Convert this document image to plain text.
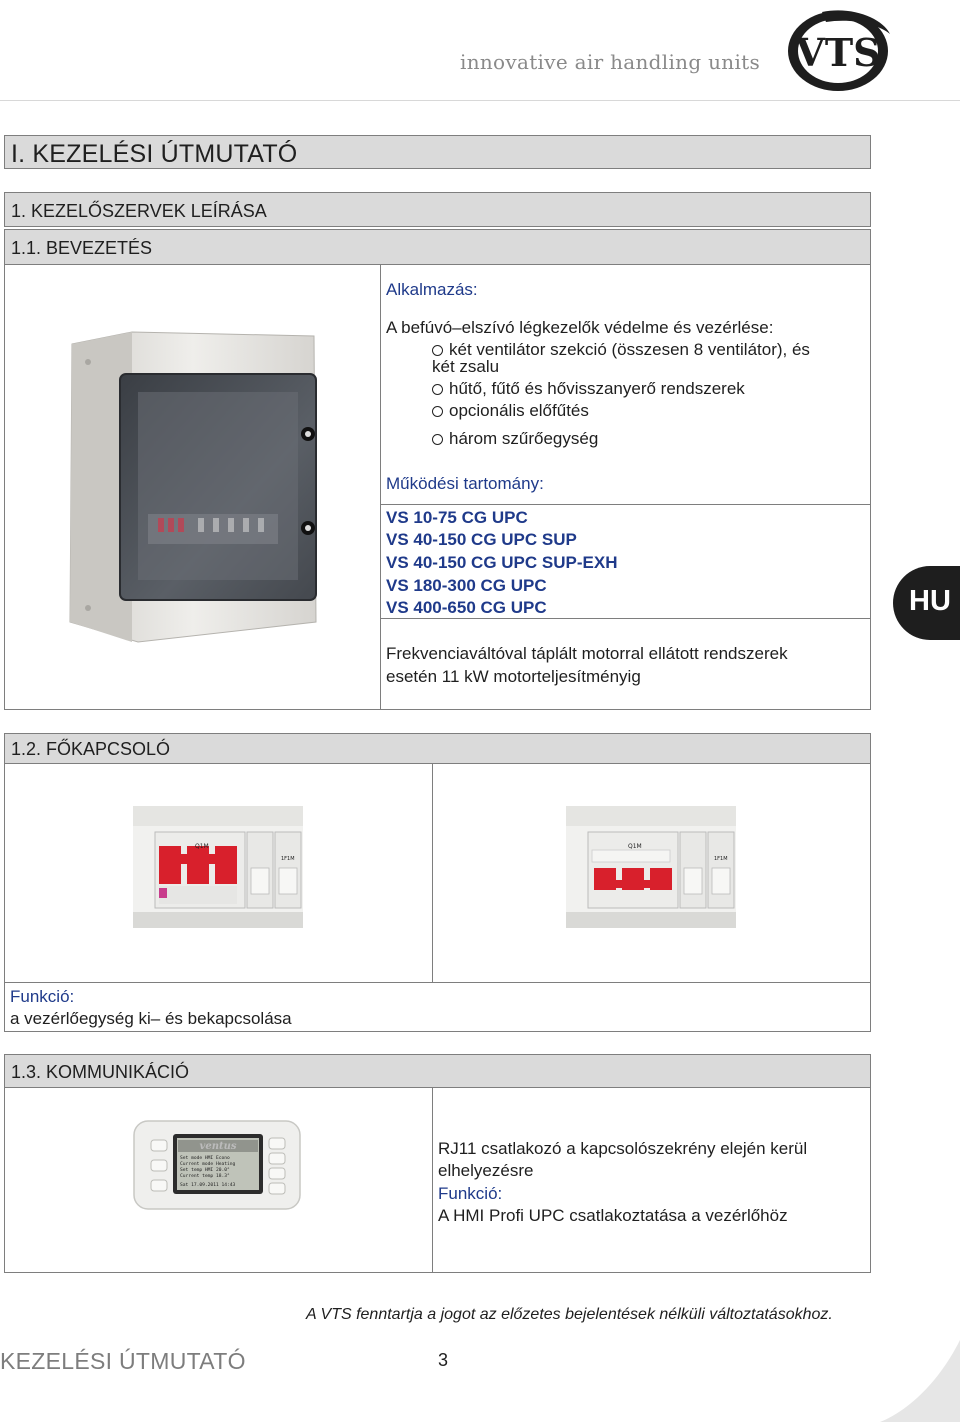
innovative air handling units VTS
I. KEZELÉSI ÚTMUTATÓ
1. KEZELŐSZERVEK LEÍRÁSA
1.1. BEVEZETÉS
Alkalmazás:
A befúvó–elszívó légkezelők védelme és vezérlése:
két ventilátor szekció (összesen 8 ventilátor), és
két zsalu
hűtő, fűtő és hővisszanyerő rendszerek
opcionális előfűtés
három szűrőegység
Működési tartomány:
VS 10-75 CG UPC
VS 40-150 CG UPC SUP
VS 40-150 CG UPC SUP-EXH
VS 180-300 CG UPC
VS 400-650 CG UPC
Frekvenciaváltóval táplált motorral ellátott rendszerek
esetén 11 kW motorteljesítményig
HU
1.2. FŐKAPCSOLÓ
Q1M
1F1M
Q1M
1F1M
Funkció:
a vezérlőegység ki– és bekapcsolása
1.3. KOMMUNIKÁCIÓ
ventus
Set mode HMI Econo
Current mode Heating
Set temp HMI 20.0°
Current temp 18.3°
Sat 17.09.2011 14:43
RJ11 csatlakozó a kapcsolószekrény elején kerül
elhelyezésre
Funkció:
A HMI Profi UPC csatlakoztatása a vezérlőhöz
A VTS fenntartja a jogot az előzetes bejelentések nélküli változtatásokhoz.
KEZELÉSI ÚTMUTATÓ	3
